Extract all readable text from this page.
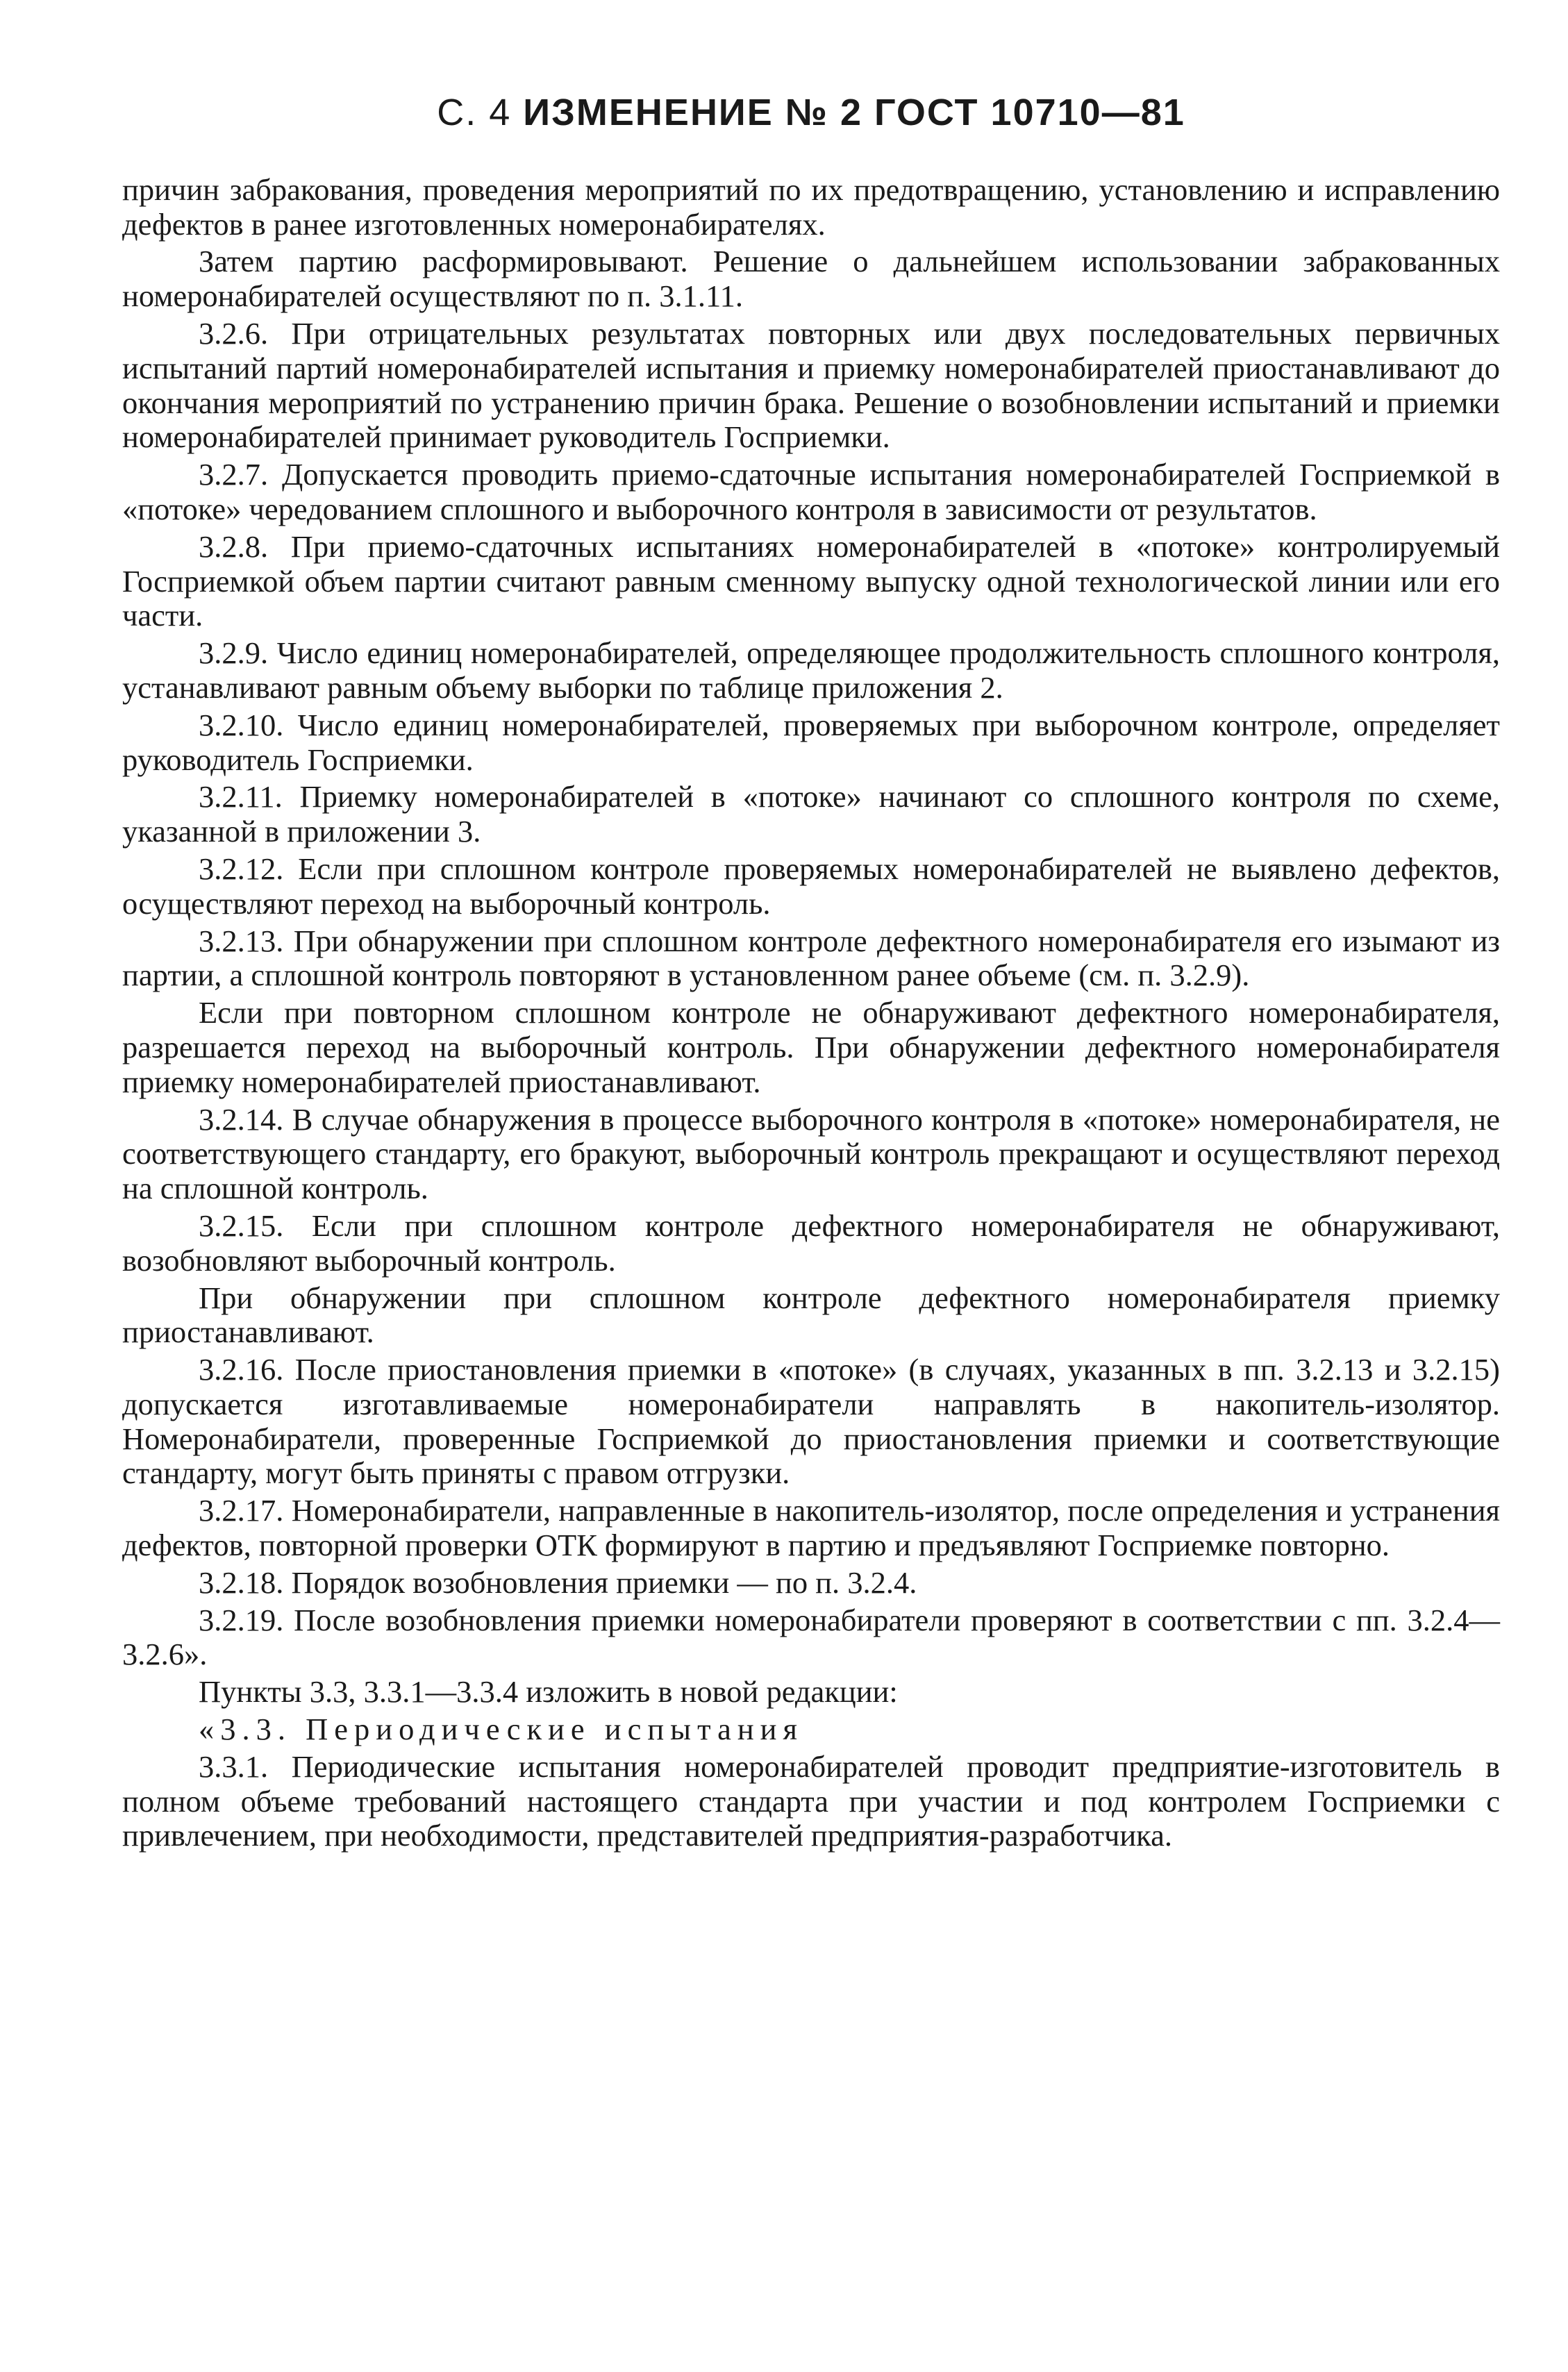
С. 4 ИЗМЕНЕНИЕ № 2 ГОСТ 10710—81

причин забракования, проведения мероприятий по их предотвращению, установлению и исправлению дефектов в ранее изготовленных номеронабирателях.

Затем партию расформировывают. Решение о дальнейшем использовании забракованных номеронабирателей осуществляют по п. 3.1.11.

3.2.6. При отрицательных результатах повторных или двух последовательных первичных испытаний партий номеронабирателей испытания и приемку номеронабирателей приостанавливают до окончания мероприятий по устранению причин брака. Решение о возобновлении испытаний и приемки номеронабирателей принимает руководитель Госприемки.

3.2.7. Допускается проводить приемо-сдаточные испытания номеронабирателей Госприемкой в «потоке» чередованием сплошного и выборочного контроля в зависимости от результатов.

3.2.8. При приемо-сдаточных испытаниях номеронабирателей в «потоке» контролируемый Госприемкой объем партии считают равным сменному выпуску одной технологической линии или его части.

3.2.9. Число единиц номеронабирателей, определяющее продолжительность сплошного контроля, устанавливают равным объему выборки по таблице приложения 2.

3.2.10. Число единиц номеронабирателей, проверяемых при выборочном контроле, определяет руководитель Госприемки.

3.2.11. Приемку номеронабирателей в «потоке» начинают со сплошного контроля по схеме, указанной в приложении 3.

3.2.12. Если при сплошном контроле проверяемых номеронабирателей не выявлено дефектов, осуществляют переход на выборочный контроль.

3.2.13. При обнаружении при сплошном контроле дефектного номеронабирателя его изымают из партии, а сплошной контроль повторяют в установленном ранее объеме (см. п. 3.2.9).

Если при повторном сплошном контроле не обнаруживают дефектного номеронабирателя, разрешается переход на выборочный контроль. При обнаружении дефектного номеронабирателя приемку номеронабирателей приостанавливают.

3.2.14. В случае обнаружения в процессе выборочного контроля в «потоке» номеронабирателя, не соответствующего стандарту, его бракуют, выборочный контроль прекращают и осуществляют переход на сплошной контроль.

3.2.15. Если при сплошном контроле дефектного номеронабирателя не обнаруживают, возобновляют выборочный контроль.

При обнаружении при сплошном контроле дефектного номеронабирателя приемку приостанавливают.

3.2.16. После приостановления приемки в «потоке» (в случаях, указанных в пп. 3.2.13 и 3.2.15) допускается изготавливаемые номеронабиратели направлять в накопитель-изолятор. Номеронабиратели, проверенные Госприемкой до приостановления приемки и соответствующие стандарту, могут быть приняты с правом отгрузки.

3.2.17. Номеронабиратели, направленные в накопитель-изолятор, после определения и устранения дефектов, повторной проверки ОТК формируют в партию и предъявляют Госприемке повторно.

3.2.18. Порядок возобновления приемки — по п. 3.2.4.

3.2.19. После возобновления приемки номеронабиратели проверяют в соответствии с пп. 3.2.4—3.2.6».

Пункты 3.3, 3.3.1—3.3.4 изложить в новой редакции:

«3.3. Периодические испытания

3.3.1. Периодические испытания номеронабирателей проводит предприятие-изготовитель в полном объеме требований настоящего стандарта при участии и под контролем Госприемки с привлечением, при необходимости, представителей предприятия-разработчика.
